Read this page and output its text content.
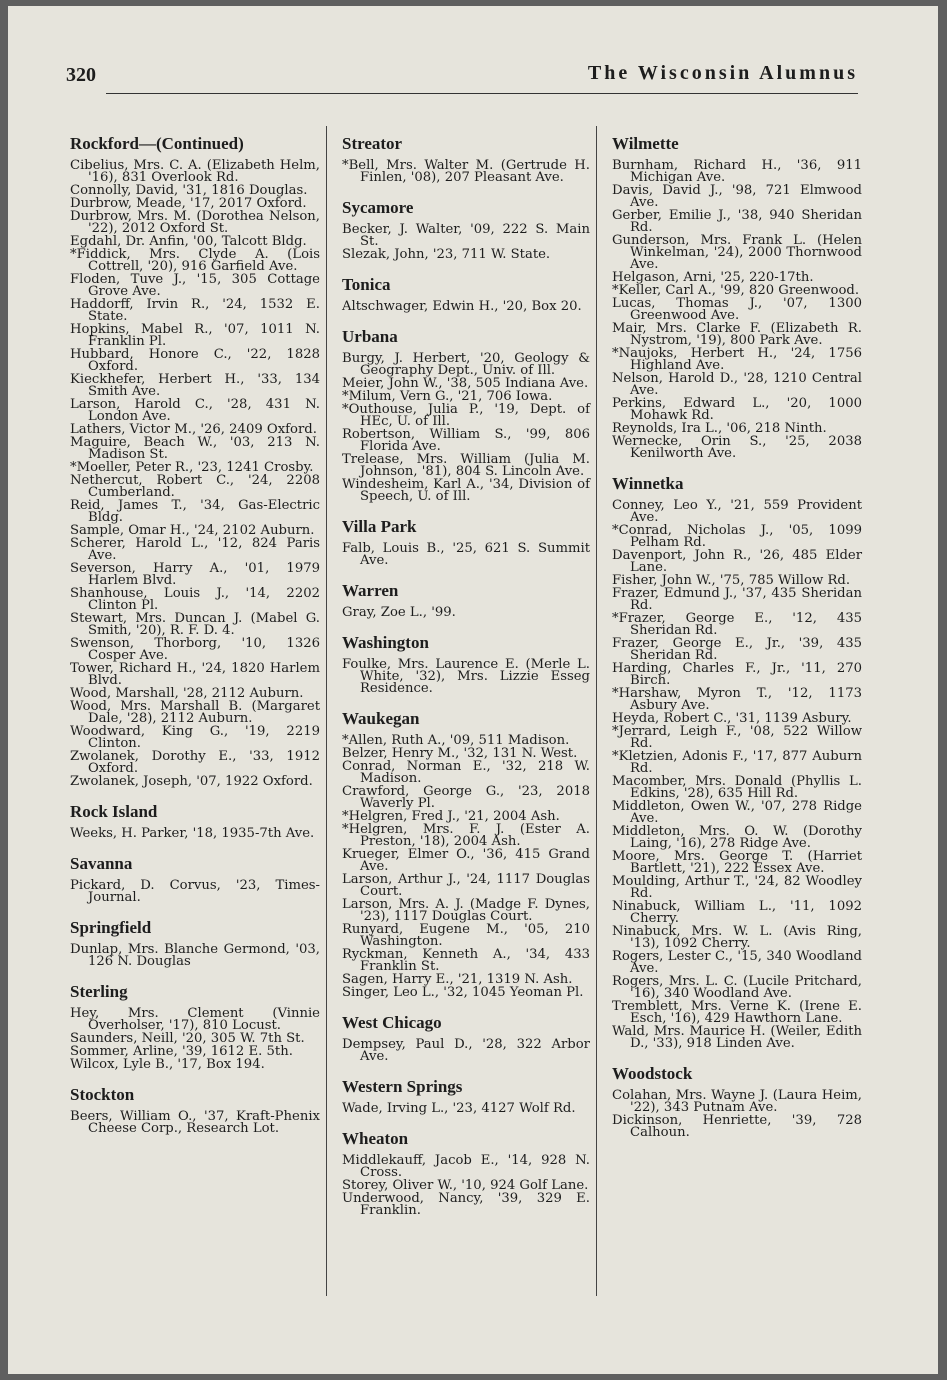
320	The Wisconsin Alumnus
Rockford—(Continued)
Cibelius, Mrs. C. A. (Elizabeth Helm, '16), 831 Overlook Rd.
Connolly, David, '31, 1816 Douglas.
Durbrow, Meade, '17, 2017 Oxford.
Durbrow, Mrs. M. (Dorothea Nelson, '22), 2012 Oxford St.
Egdahl, Dr. Anfin, '00, Talcott Bldg.
*Fiddick, Mrs. Clyde A. (Lois Cottrell, '20), 916 Garfield Ave.
Floden, Tuve J., '15, 305 Cottage Grove Ave.
Haddorff, Irvin R., '24, 1532 E. State.
Hopkins, Mabel R., '07, 1011 N. Franklin Pl.
Hubbard, Honore C., '22, 1828 Oxford.
Kieckhefer, Herbert H., '33, 134 Smith Ave.
Larson, Harold C., '28, 431 N. London Ave.
Lathers, Victor M., '26, 2409 Oxford.
Maguire, Beach W., '03, 213 N. Madison St.
*Moeller, Peter R., '23, 1241 Crosby.
Nethercut, Robert C., '24, 2208 Cumberland.
Reid, James T., '34, Gas-Electric Bldg.
Sample, Omar H., '24, 2102 Auburn.
Scherer, Harold L., '12, 824 Paris Ave.
Severson, Harry A., '01, 1979 Harlem Blvd.
Shanhouse, Louis J., '14, 2202 Clinton Pl.
Stewart, Mrs. Duncan J. (Mabel G. Smith, '20), R. F. D. 4.
Swenson, Thorborg, '10, 1326 Cosper Ave.
Tower, Richard H., '24, 1820 Harlem Blvd.
Wood, Marshall, '28, 2112 Auburn.
Wood, Mrs. Marshall B. (Margaret Dale, '28), 2112 Auburn.
Woodward, King G., '19, 2219 Clinton.
Zwolanek, Dorothy E., '33, 1912 Oxford.
Zwolanek, Joseph, '07, 1922 Oxford.
Rock Island
Weeks, H. Parker, '18, 1935-7th Ave.
Savanna
Pickard, D. Corvus, '23, Times-Journal.
Springfield
Dunlap, Mrs. Blanche Germond, '03, 126 N. Douglas
Sterling
Hey, Mrs. Clement (Vinnie Overholser, '17), 810 Locust.
Saunders, Neill, '20, 305 W. 7th St.
Sommer, Arline, '39, 1612 E. 5th.
Wilcox, Lyle B., '17, Box 194.
Stockton
Beers, William O., '37, Kraft-Phenix Cheese Corp., Research Lot.
Streator
*Bell, Mrs. Walter M. (Gertrude H. Finlen, '08), 207 Pleasant Ave.
Sycamore
Becker, J. Walter, '09, 222 S. Main St.
Slezak, John, '23, 711 W. State.
Tonica
Altschwager, Edwin H., '20, Box 20.
Urbana
Burgy, J. Herbert, '20, Geology & Geography Dept., Univ. of Ill.
Meier, John W., '38, 505 Indiana Ave.
*Milum, Vern G., '21, 706 Iowa.
*Outhouse, Julia P., '19, Dept. of HEc, U. of Ill.
Robertson, William S., '99, 806 Florida Ave.
Trelease, Mrs. William (Julia M. Johnson, '81), 804 S. Lincoln Ave.
Windesheim, Karl A., '34, Division of Speech, U. of Ill.
Villa Park
Falb, Louis B., '25, 621 S. Summit Ave.
Warren
Gray, Zoe L., '99.
Washington
Foulke, Mrs. Laurence E. (Merle L. White, '32), Mrs. Lizzie Esseg Residence.
Waukegan
*Allen, Ruth A., '09, 511 Madison.
Belzer, Henry M., '32, 131 N. West.
Conrad, Norman E., '32, 218 W. Madison.
Crawford, George G., '23, 2018 Waverly Pl.
*Helgren, Fred J., '21, 2004 Ash.
*Helgren, Mrs. F. J. (Ester A. Preston, '18), 2004 Ash.
Krueger, Elmer O., '36, 415 Grand Ave.
Larson, Arthur J., '24, 1117 Douglas Court.
Larson, Mrs. A. J. (Madge F. Dynes, '23), 1117 Douglas Court.
Runyard, Eugene M., '05, 210 Washington.
Ryckman, Kenneth A., '34, 433 Franklin St.
Sagen, Harry E., '21, 1319 N. Ash.
Singer, Leo L., '32, 1045 Yeoman Pl.
West Chicago
Dempsey, Paul D., '28, 322 Arbor Ave.
Western Springs
Wade, Irving L., '23, 4127 Wolf Rd.
Wheaton
Middlekauff, Jacob E., '14, 928 N. Cross.
Storey, Oliver W., '10, 924 Golf Lane.
Underwood, Nancy, '39, 329 E. Franklin.
Wilmette
Burnham, Richard H., '36, 911 Michigan Ave.
Davis, David J., '98, 721 Elmwood Ave.
Gerber, Emilie J., '38, 940 Sheridan Rd.
Gunderson, Mrs. Frank L. (Helen Winkelman, '24), 2000 Thornwood Ave.
Helgason, Arni, '25, 220-17th.
*Keller, Carl A., '99, 820 Greenwood.
Lucas, Thomas J., '07, 1300 Greenwood Ave.
Mair, Mrs. Clarke F. (Elizabeth R. Nystrom, '19), 800 Park Ave.
*Naujoks, Herbert H., '24, 1756 Highland Ave.
Nelson, Harold D., '28, 1210 Central Ave.
Perkins, Edward L., '20, 1000 Mohawk Rd.
Reynolds, Ira L., '06, 218 Ninth.
Wernecke, Orin S., '25, 2038 Kenilworth Ave.
Winnetka
Conney, Leo Y., '21, 559 Provident Ave.
*Conrad, Nicholas J., '05, 1099 Pelham Rd.
Davenport, John R., '26, 485 Elder Lane.
Fisher, John W., '75, 785 Willow Rd.
Frazer, Edmund J., '37, 435 Sheridan Rd.
*Frazer, George E., '12, 435 Sheridan Rd.
Frazer, George E., Jr., '39, 435 Sheridan Rd.
Harding, Charles F., Jr., '11, 270 Birch.
*Harshaw, Myron T., '12, 1173 Asbury Ave.
Heyda, Robert C., '31, 1139 Asbury.
*Jerrard, Leigh F., '08, 522 Willow Rd.
*Kletzien, Adonis F., '17, 877 Auburn Rd.
Macomber, Mrs. Donald (Phyllis L. Edkins, '28), 635 Hill Rd.
Middleton, Owen W., '07, 278 Ridge Ave.
Middleton, Mrs. O. W. (Dorothy Laing, '16), 278 Ridge Ave.
Moore, Mrs. George T. (Harriet Bartlett, '21), 222 Essex Ave.
Moulding, Arthur T., '24, 82 Woodley Rd.
Ninabuck, William L., '11, 1092 Cherry.
Ninabuck, Mrs. W. L. (Avis Ring, '13), 1092 Cherry.
Rogers, Lester C., '15, 340 Woodland Ave.
Rogers, Mrs. L. C. (Lucile Pritchard, '16), 340 Woodland Ave.
Tremblett, Mrs. Verne K. (Irene E. Esch, '16), 429 Hawthorn Lane.
Wald, Mrs. Maurice H. (Weiler, Edith D., '33), 918 Linden Ave.
Woodstock
Colahan, Mrs. Wayne J. (Laura Heim, '22), 343 Putnam Ave.
Dickinson, Henriette, '39, 728 Calhoun.
